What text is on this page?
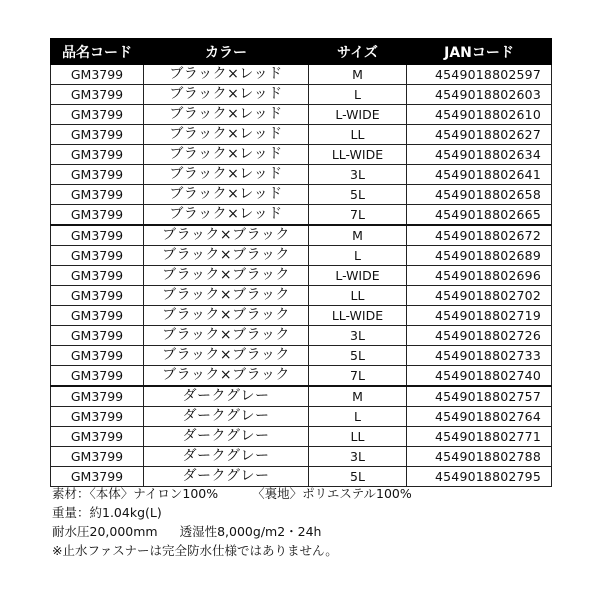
品名コード	カラー	サイズ	JANコード
GM3799	ブラック×レッド	M	4549018802597
GM3799	ブラック×レッド	L	4549018802603
GM3799	ブラック×レッド	L-WIDE	4549018802610
GM3799	ブラック×レッド	LL	4549018802627
GM3799	ブラック×レッド	LL-WIDE	4549018802634
GM3799	ブラック×レッド	3L	4549018802641
GM3799	ブラック×レッド	5L	4549018802658
GM3799	ブラック×レッド	7L	4549018802665
GM3799	ブラック×ブラック	M	4549018802672
GM3799	ブラック×ブラック	L	4549018802689
GM3799	ブラック×ブラック	L-WIDE	4549018802696
GM3799	ブラック×ブラック	LL	4549018802702
GM3799	ブラック×ブラック	LL-WIDE	4549018802719
GM3799	ブラック×ブラック	3L	4549018802726
GM3799	ブラック×ブラック	5L	4549018802733
GM3799	ブラック×ブラック	7L	4549018802740
GM3799	ダークグレー	M	4549018802757
GM3799	ダークグレー	L	4549018802764
GM3799	ダークグレー	LL	4549018802771
GM3799	ダークグレー	3L	4549018802788
GM3799	ダークグレー	5L	4549018802795
素材：〈本体〉ナイロン100%	〈裏地〉ポリエステル100%
重量：約1.04kg(L)
耐水圧20,000mm 透湿性8,000g/m2・24h
※止水ファスナーは完全防水仕様ではありません。
